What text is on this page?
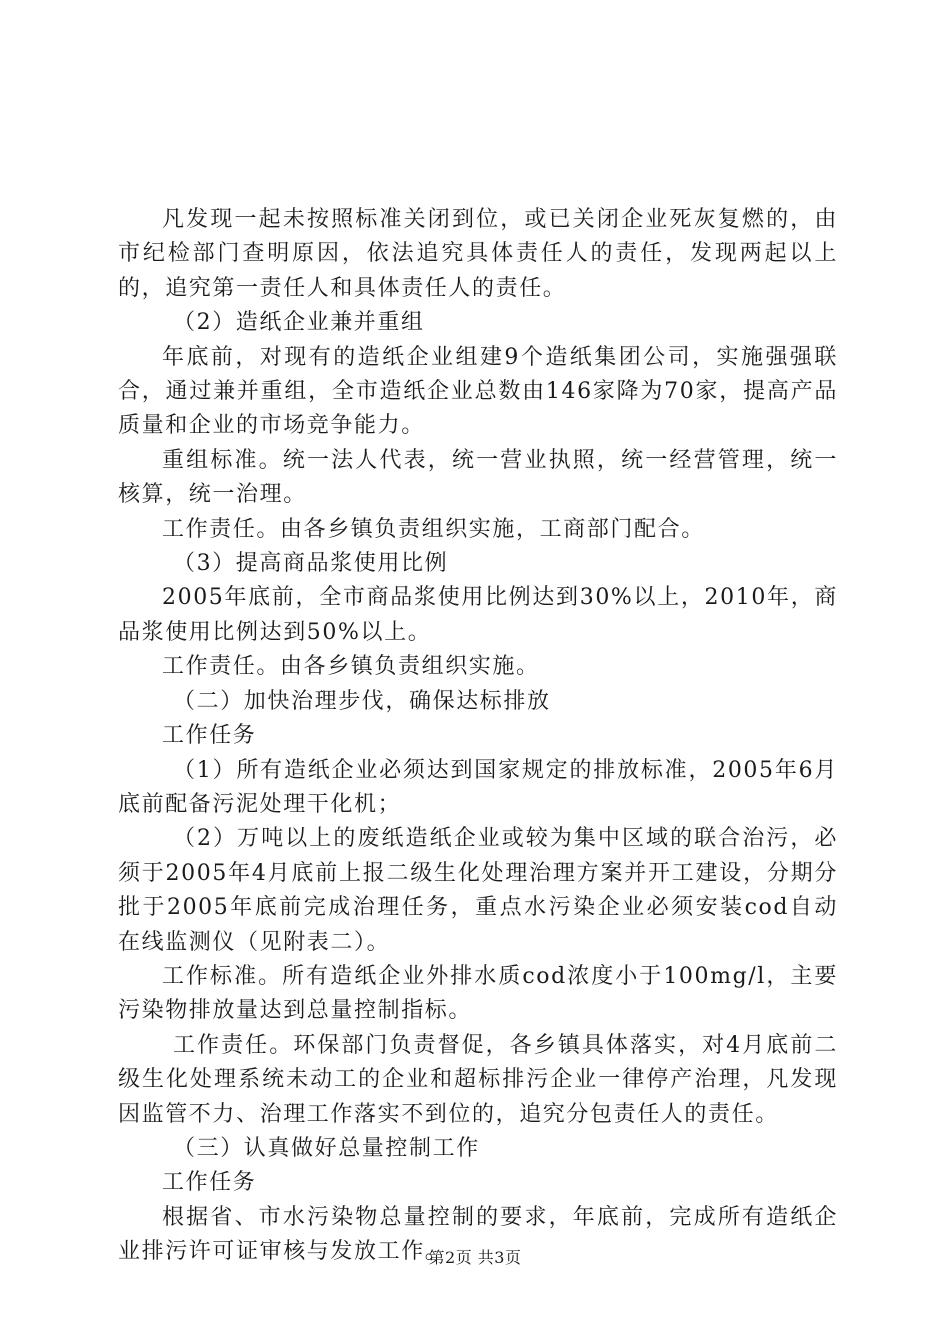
凡发现一起未按照标准关闭到位，或已关闭企业死灰复燃的，由市纪检部门查明原因，依法追究具体责任人的责任，发现两起以上的，追究第一责任人和具体责任人的责任。

（2）造纸企业兼并重组

年底前，对现有的造纸企业组建9个造纸集团公司，实施强强联合，通过兼并重组，全市造纸企业总数由146家降为70家，提高产品质量和企业的市场竞争能力。

重组标准。统一法人代表，统一营业执照，统一经营管理，统一核算，统一治理。

工作责任。由各乡镇负责组织实施，工商部门配合。

（3）提高商品浆使用比例

2005年底前，全市商品浆使用比例达到30%以上，2010年，商品浆使用比例达到50%以上。

工作责任。由各乡镇负责组织实施。

（二）加快治理步伐，确保达标排放

工作任务

（1）所有造纸企业必须达到国家规定的排放标准，2005年6月底前配备污泥处理干化机；

（2）万吨以上的废纸造纸企业或较为集中区域的联合治污，必须于2005年4月底前上报二级生化处理治理方案并开工建设，分期分批于2005年底前完成治理任务，重点水污染企业必须安装cod自动在线监测仪（见附表二）。

工作标准。所有造纸企业外排水质cod浓度小于100mg/l，主要污染物排放量达到总量控制指标。

工作责任。环保部门负责督促，各乡镇具体落实，对4月底前二级生化处理系统未动工的企业和超标排污企业一律停产治理，凡发现因监管不力、治理工作落实不到位的，追究分包责任人的责任。

（三）认真做好总量控制工作

工作任务

根据省、市水污染物总量控制的要求，年底前，完成所有造纸企业排污许可证审核与发放工作。

第2页 共3页
